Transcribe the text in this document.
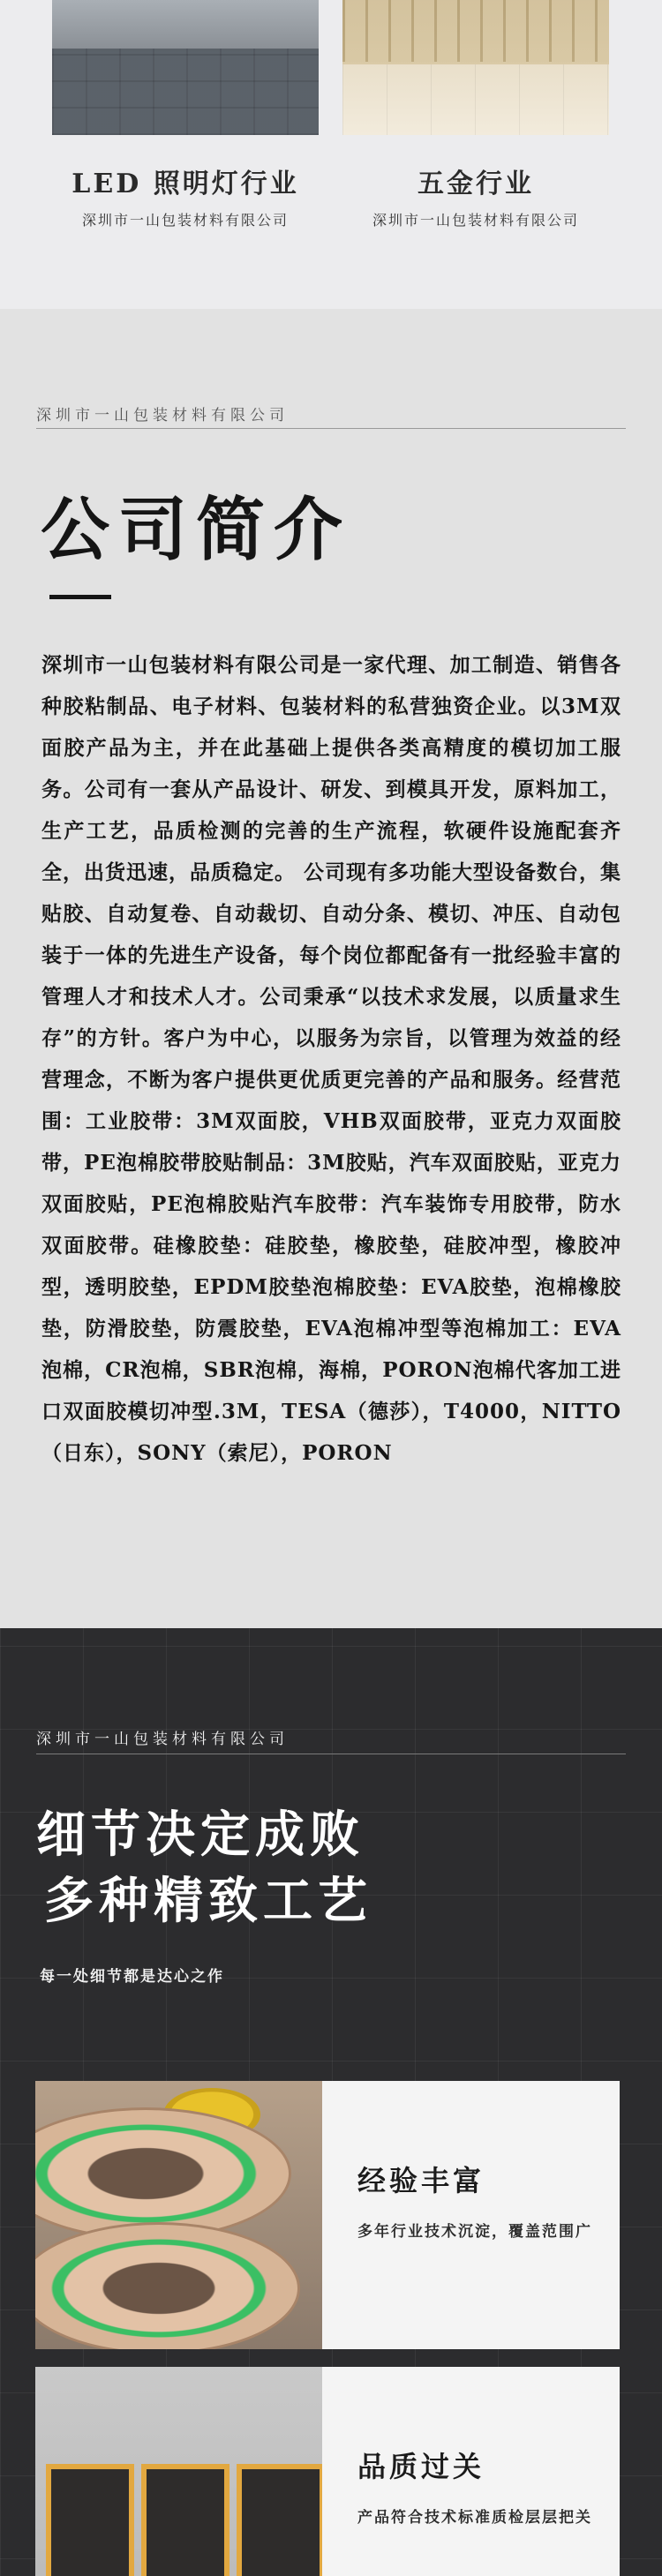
LED 照明灯行业
深圳市一山包装材料有限公司
五金行业
深圳市一山包装材料有限公司
深圳市一山包装材料有限公司
公司简介

深圳市一山包装材料有限公司是一家代理、加工制造、销售各种胶粘制品、电子材料、包装材料的私营独资企业。以3M双面胶产品为主，并在此基础上提供各类高精度的模切加工服务。公司有一套从产品设计、研发、到模具开发，原料加工，生产工艺，品质检测的完善的生产流程，软硬件设施配套齐全，出货迅速，品质稳定。 公司现有多功能大型设备数台，集贴胶、自动复卷、自动裁切、自动分条、模切、冲压、自动包装于一体的先进生产设备，每个岗位都配备有一批经验丰富的管理人才和技术人才。公司秉承“以技术求发展，以质量求生存”的方针。客户为中心，以服务为宗旨，以管理为效益的经营理念，不断为客户提供更优质更完善的产品和服务。经营范围：工业胶带：3M双面胶，VHB双面胶带，亚克力双面胶带，PE泡棉胶带胶贴制品：3M胶贴，汽车双面胶贴，亚克力双面胶贴，PE泡棉胶贴汽车胶带：汽车装饰专用胶带，防水双面胶带。硅橡胶垫：硅胶垫，橡胶垫，硅胶冲型，橡胶冲型，透明胶垫，EPDM胶垫泡棉胶垫：EVA胶垫，泡棉橡胶垫，防滑胶垫，防震胶垫，EVA泡棉冲型等泡棉加工：EVA泡棉，CR泡棉，SBR泡棉，海棉，PORON泡棉代客加工进口双面胶模切冲型.3M，TESA（德莎），T4000，NITTO（日东），SONY（索尼），PORON

深圳市一山包装材料有限公司
细节决定成败
多种精致工艺
每一处细节都是达心之作
经验丰富
多年行业技术沉淀，覆盖范围广
品质过关
产品符合技术标准质检层层把关
